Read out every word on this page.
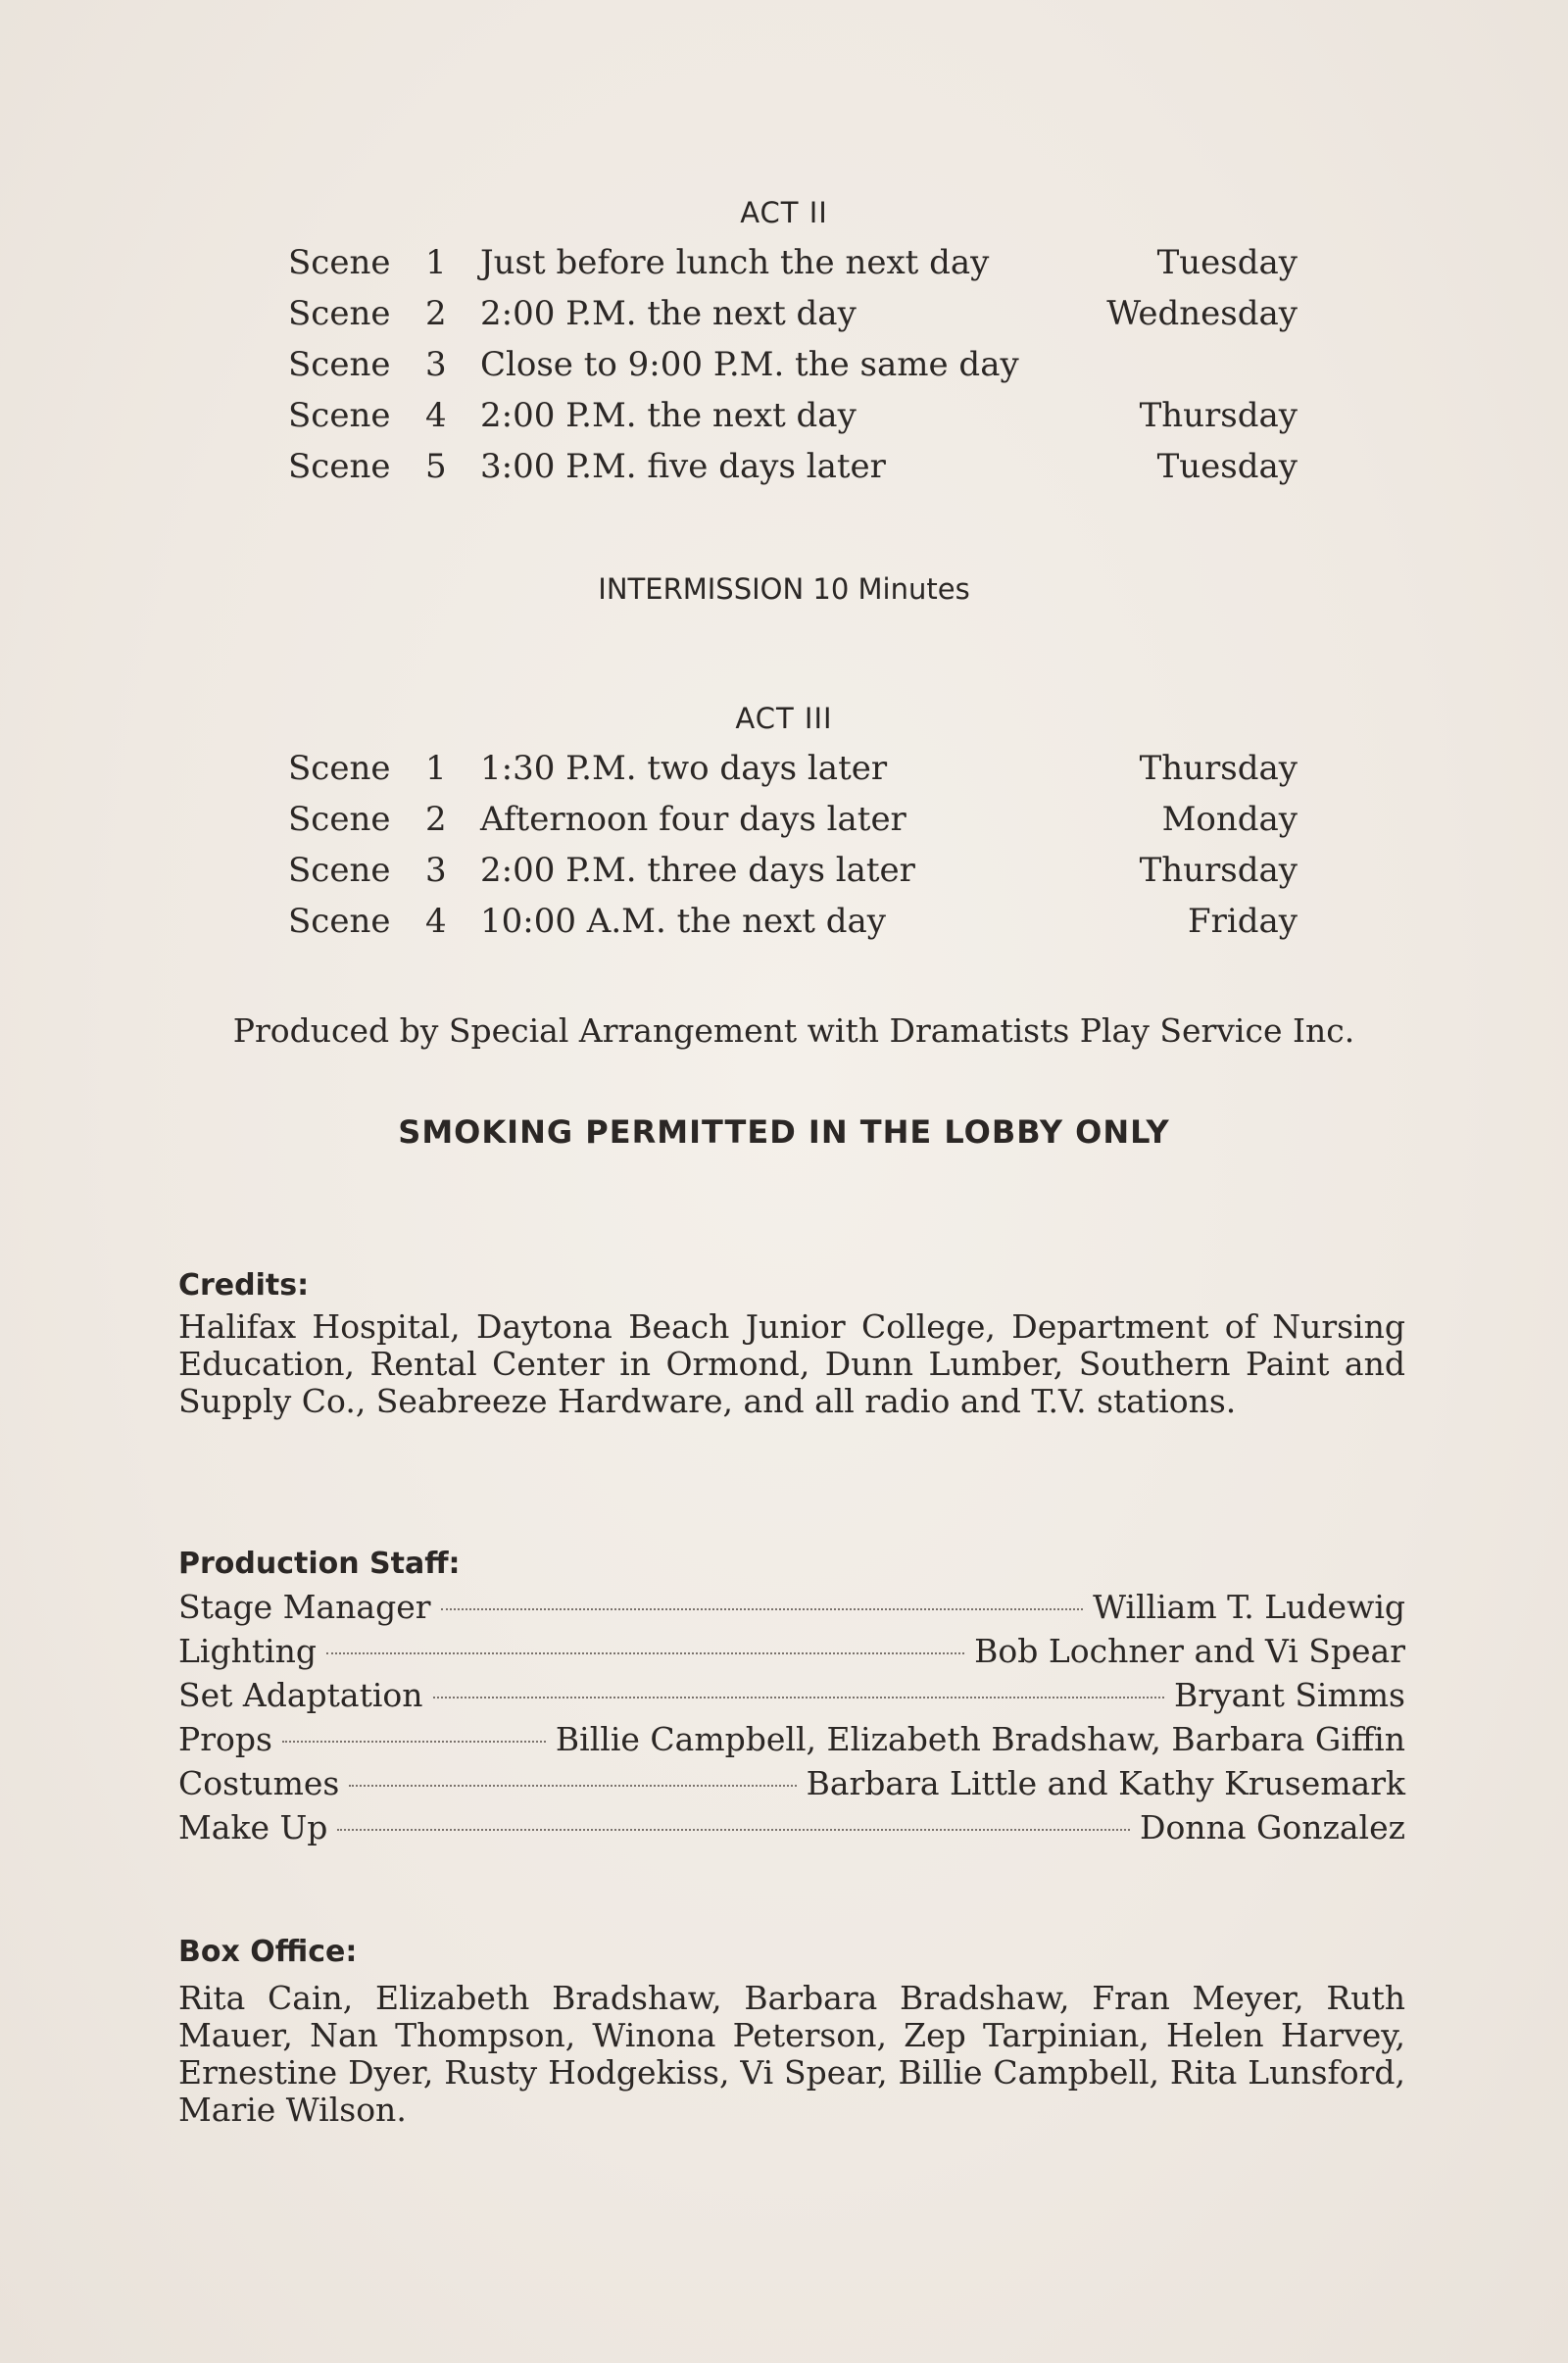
ACT II
Scene 1 Just before lunch the next day	Tuesday
Scene 2 2:00 P.M. the next day	Wednesday
Scene 3 Close to 9:00 P.M. the same day
Scene 4 2:00 P.M. the next day	Thursday
Scene 5 3:00 P.M. five days later	Tuesday
INTERMISSION 10 Minutes
ACT III
Scene 1 1:30 P.M. two days later	Thursday
Scene 2 Afternoon four days later	Monday
Scene 3 2:00 P.M. three days later	Thursday
Scene 4 10:00 A.M. the next day	Friday
Produced by Special Arrangement with Dramatists Play Service Inc.
SMOKING PERMITTED IN THE LOBBY ONLY
Credits:
Halifax Hospital, Daytona Beach Junior College, Department of Nursing Education, Rental Center in Ormond, Dunn Lumber, Southern Paint and Supply Co., Seabreeze Hardware, and all radio and T.V. stations.
Production Staff:
Stage Manager	William T. Ludewig
Lighting	Bob Lochner and Vi Spear
Set Adaptation	Bryant Simms
Props	Billie Campbell, Elizabeth Bradshaw, Barbara Giffin
Costumes	Barbara Little and Kathy Krusemark
Make Up	Donna Gonzalez
Box Office:
Rita Cain, Elizabeth Bradshaw, Barbara Bradshaw, Fran Meyer, Ruth Mauer, Nan Thompson, Winona Peterson, Zep Tarpinian, Helen Harvey, Ernestine Dyer, Rusty Hodgekiss, Vi Spear, Billie Campbell, Rita Lunsford, Marie Wilson.
